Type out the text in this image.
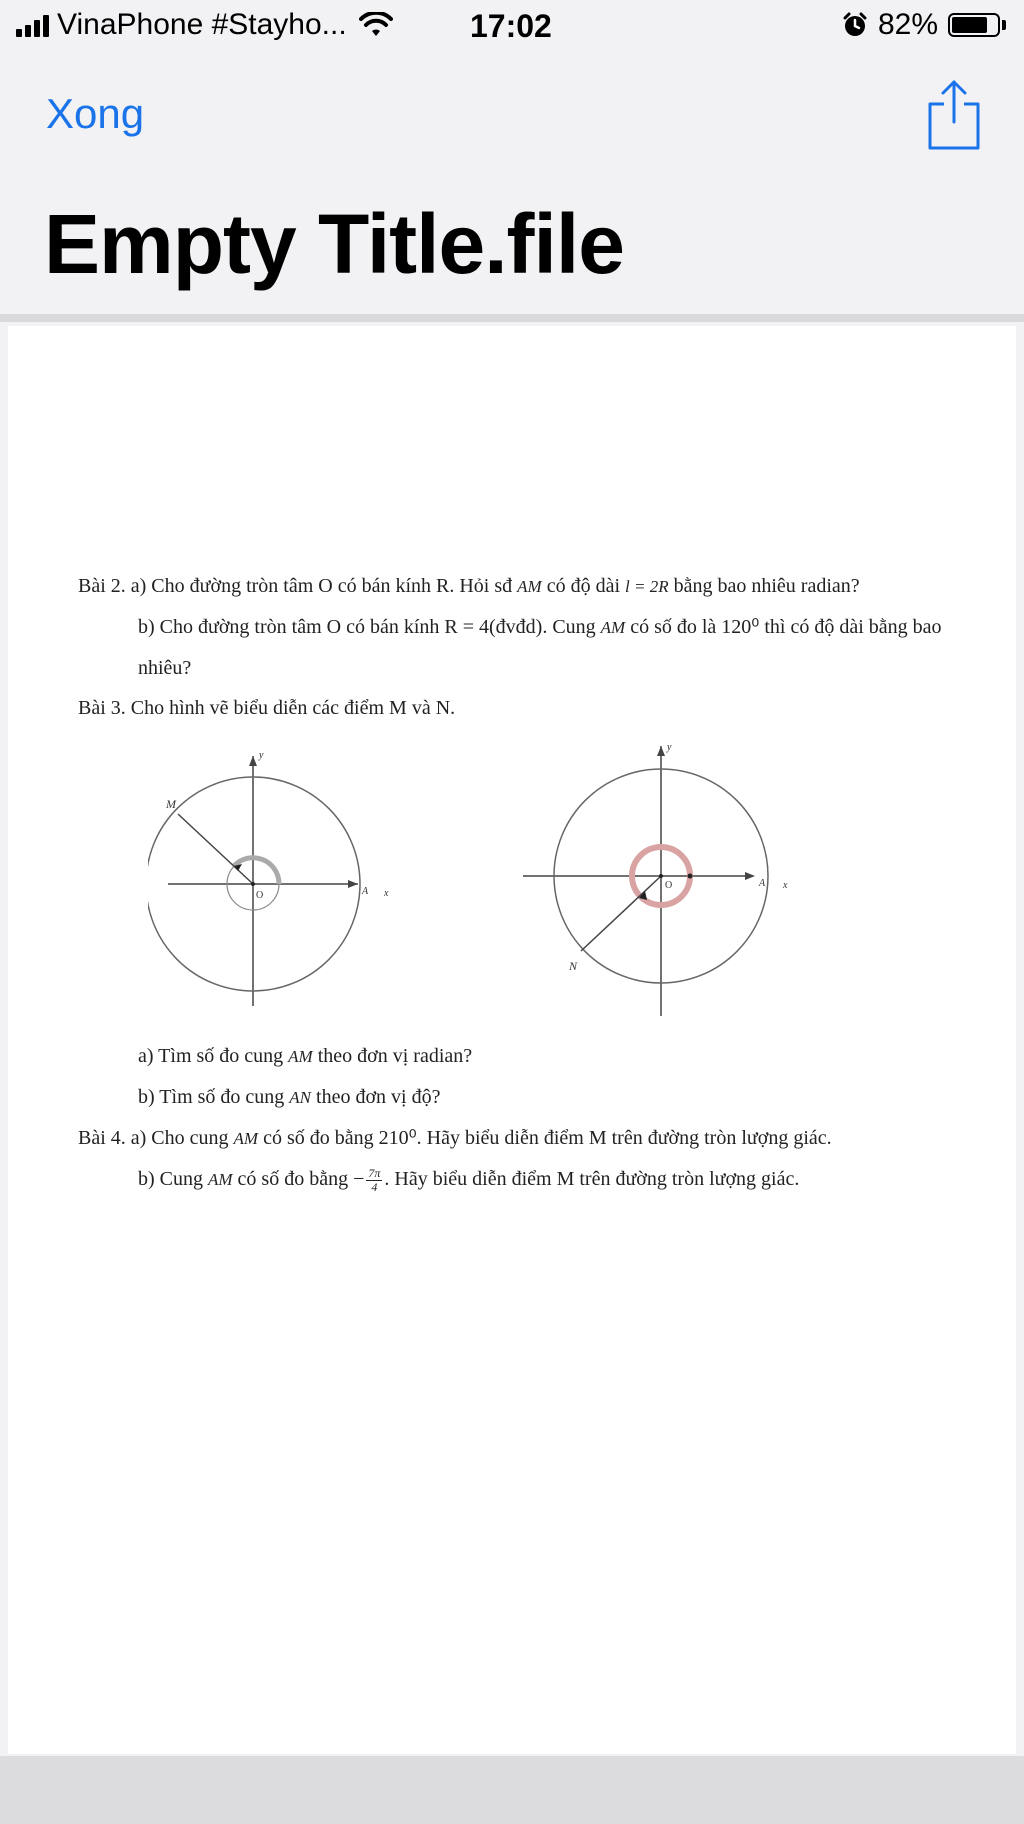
VinaPhone #Stayho...	17:02	82%
Xong
Empty Title.file

Bài 2. a) Cho đường tròn tâm O có bán kính R. Hỏi sđ AM có độ dài l = 2R bằng bao nhiêu radian?

b) Cho đường tròn tâm O có bán kính R = 4(đvđd). Cung AM có số đo là 120⁰ thì có độ dài bằng bao nhiêu?

Bài 3. Cho hình vẽ biểu diễn các điểm M và N.

M
O	A x
y
N
O	A x
y

a) Tìm số đo cung AM theo đơn vị radian?

b) Tìm số đo cung AN theo đơn vị độ?

Bài 4. a) Cho cung AM có số đo bằng 210⁰. Hãy biểu diễn điểm M trên đường tròn lượng giác.

b) Cung AM có số đo bằng − $\frac{7\pi}{4}$ . Hãy biểu diễn điểm M trên đường tròn lượng giác.
